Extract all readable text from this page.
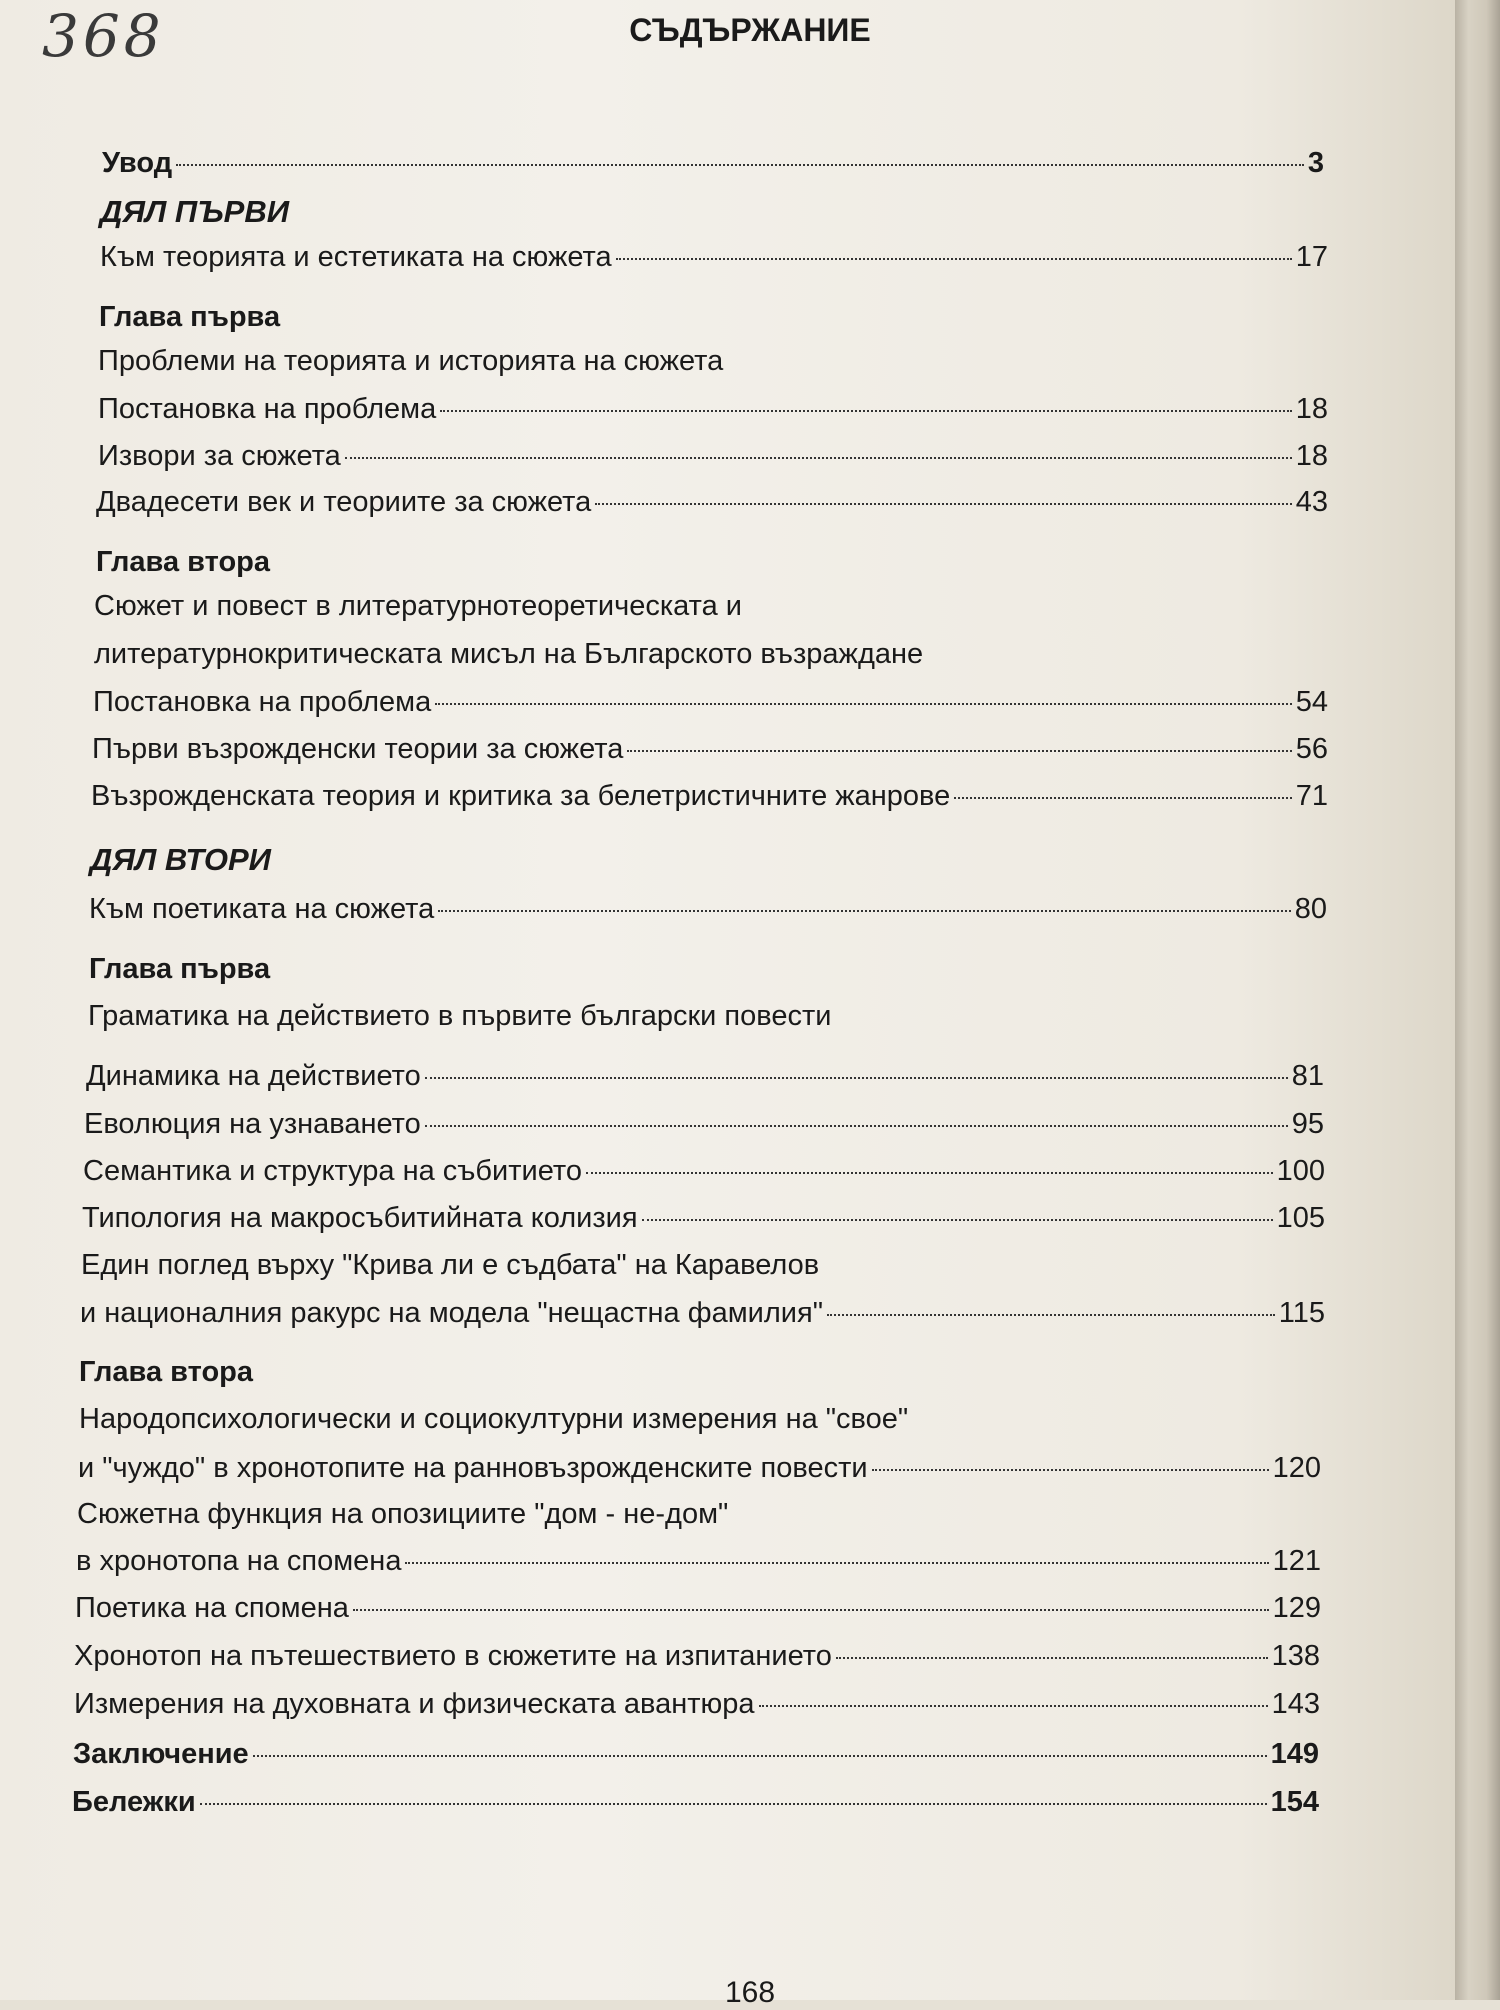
368	СЪДЪРЖАНИЕ
Увод	3
ДЯЛ ПЪРВИ
Към теорията и естетиката на сюжета	17
Глава първа
Проблеми на теорията и историята на сюжета
Постановка на проблема	18
Извори за сюжета	18
Двадесети век и теориите за сюжета	43
Глава втора
Сюжет и повест в литературнотеоретическата и
литературнокритическата мисъл на Българското възраждане
Постановка на проблема	54
Първи възрожденски теории за сюжета	56
Възрожденската теория и критика за белетристичните жанрове	71
ДЯЛ ВТОРИ
Към поетиката на сюжета	80
Глава първа
Граматика на действието в първите български повести
Динамика на действието	81
Еволюция на узнаването	95
Семантика и структура на събитието	100
Типология на макросъбитийната колизия	105
Един поглед върху "Крива ли е съдбата" на Каравелов
и националния ракурс на модела "нещастна фамилия"	115
Глава втора
Народопсихологически и социокултурни измерения на "свое"
и "чуждо" в хронотопите на ранновъзрожденските повести	120
Сюжетна функция на опозициите "дом - не-дом"
в хронотопа на спомена	121
Поетика на спомена	129
Хронотоп на пътешествието в сюжетите на изпитанието	138
Измерения на духовната и физическата авантюра	143
Заключение	149
Бележки	154
168
